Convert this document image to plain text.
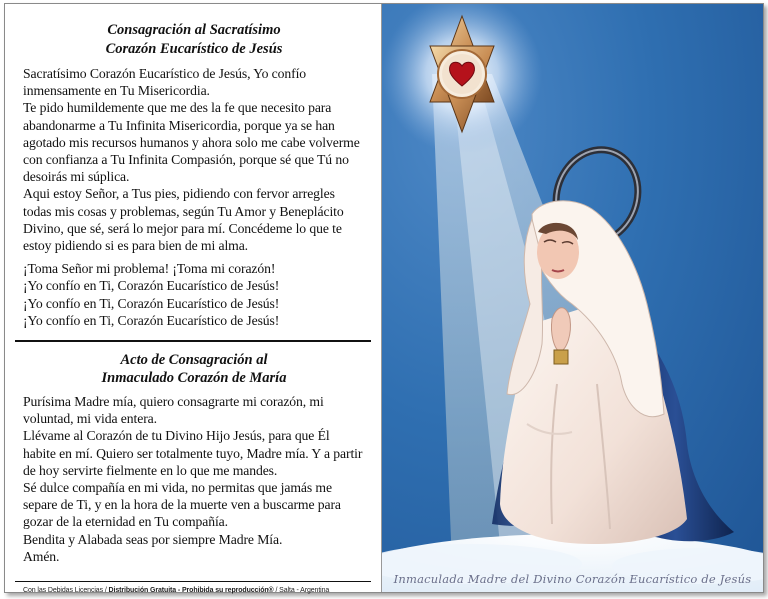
Consagración al Sacratísimo
Corazón Eucarístico de Jesús

Sacratísimo Corazón Eucarístico de Jesús, Yo confío inmensamente en Tu Misericordia.

Te pido humildemente que me des la fe que necesito para abandonarme a Tu Infinita Misericordia, porque ya se han agotado mis recursos humanos y ahora solo me cabe volverme con confianza a Tu Infinita Compasión, porque sé que Tú no desoirás mi súplica.

Aqui estoy Señor, a Tus pies, pidiendo con fervor arregles todas mis cosas y problemas, según Tu Amor y Beneplácito Divino, que sé, será lo mejor para mí. Concédeme lo que te estoy pidiendo si es para bien de mi alma.

¡Toma Señor mi problema! ¡Toma mi corazón!

¡Yo confío en Ti, Corazón Eucarístico de Jesús!

¡Yo confío en Ti, Corazón Eucarístico de Jesús!

¡Yo confío en Ti, Corazón Eucarístico de Jesús!

Acto de Consagración al
Inmaculado Corazón de María

Purísima Madre mía, quiero consagrarte mi corazón, mi voluntad, mi vida entera.

Llévame al Corazón de tu Divino Hijo Jesús, para que Él habite en mí. Quiero ser totalmente tuyo, Madre mía. Y a partir de hoy servirte fielmente en lo que me mandes.

Sé dulce compañía en mi vida, no permitas que jamás me separe de Ti, y en la hora de la muerte ven a buscarme para gozar de la eternidad en Tu compañía.

Bendita y Alabada seas por siempre Madre Mía.

Amén.

Con las Debidas Licencias / Distribución Gratuita - Prohibida su reproducción® / Salta - Argentina
Inmaculada Madre del Divino Corazón Eucarístico de Jesús
